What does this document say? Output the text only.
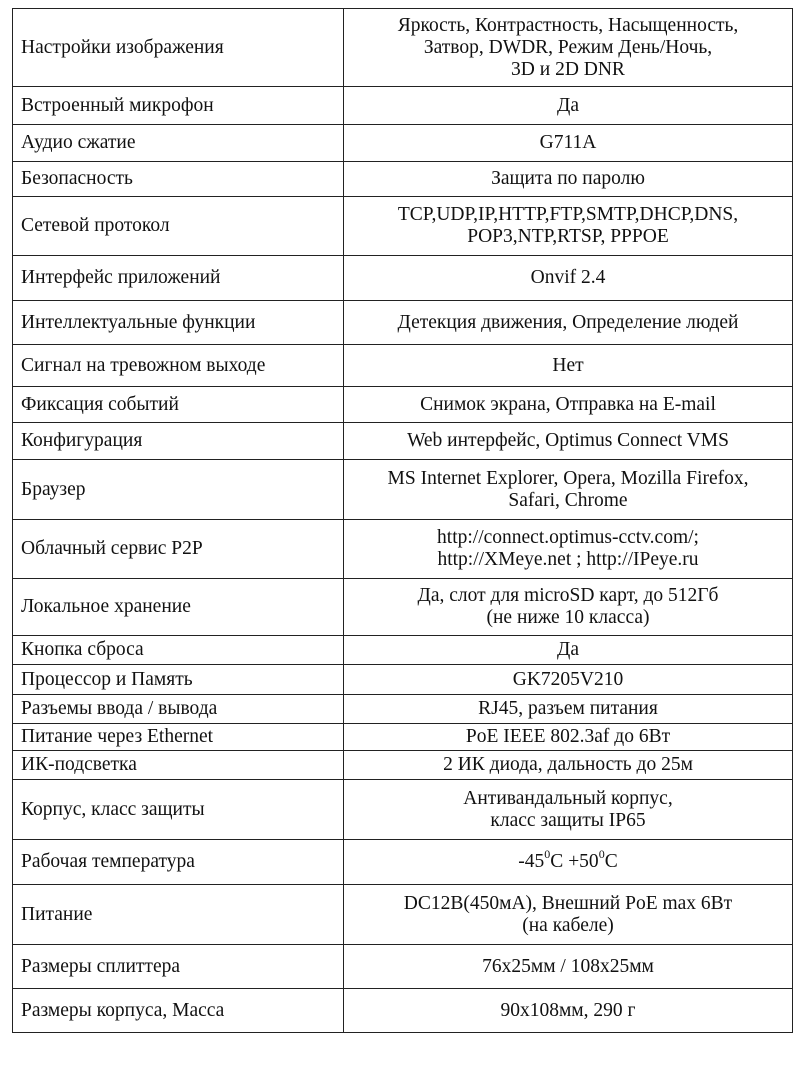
Настройки изображения	Яркость, Контрастность, Насыщенность,
Затвор, DWDR, Режим День/Ночь,
3D и 2D DNR
Встроенный микрофон	Да
Аудио сжатие	G711A
Безопасность	Защита по паролю
Сетевой протокол	TCP,UDP,IP,HTTP,FTP,SMTP,DHCP,DNS,
POP3,NTP,RTSP, PPPOE
Интерфейс приложений	Onvif 2.4
Интеллектуальные функции	Детекция движения, Определение людей
Сигнал на тревожном выходе	Нет
Фиксация событий	Снимок экрана, Отправка на E-mail
Конфигурация	Web интерфейс, Optimus Connect VMS
Браузер	MS Internet Explorer, Opera, Mozilla Firefox,
Safari, Chrome
Облачный сервис P2P	http://connect.optimus-cctv.com/;
http://XMeye.net ; http://IPeye.ru
Локальное хранение	Да, слот для microSD карт, до 512Гб
(не ниже 10 класса)
Кнопка сброса	Да
Процессор и Память	GK7205V210
Разъемы ввода / вывода	RJ45, разъем питания
Питание через Ethernet	PoE IEEE 802.3af до 6Вт
ИК-подсветка	2 ИК диода, дальность до 25м
Корпус, класс защиты	Антивандальный корпус,
класс защиты IP65
Рабочая температура	$-45^0C +50^0C$
Питание	DC12В(450мА), Внешний PoE max 6Вт
(на кабеле)
Размеры сплиттера	76х25мм / 108х25мм
Размеры корпуса, Масса	90х108мм, 290 г
